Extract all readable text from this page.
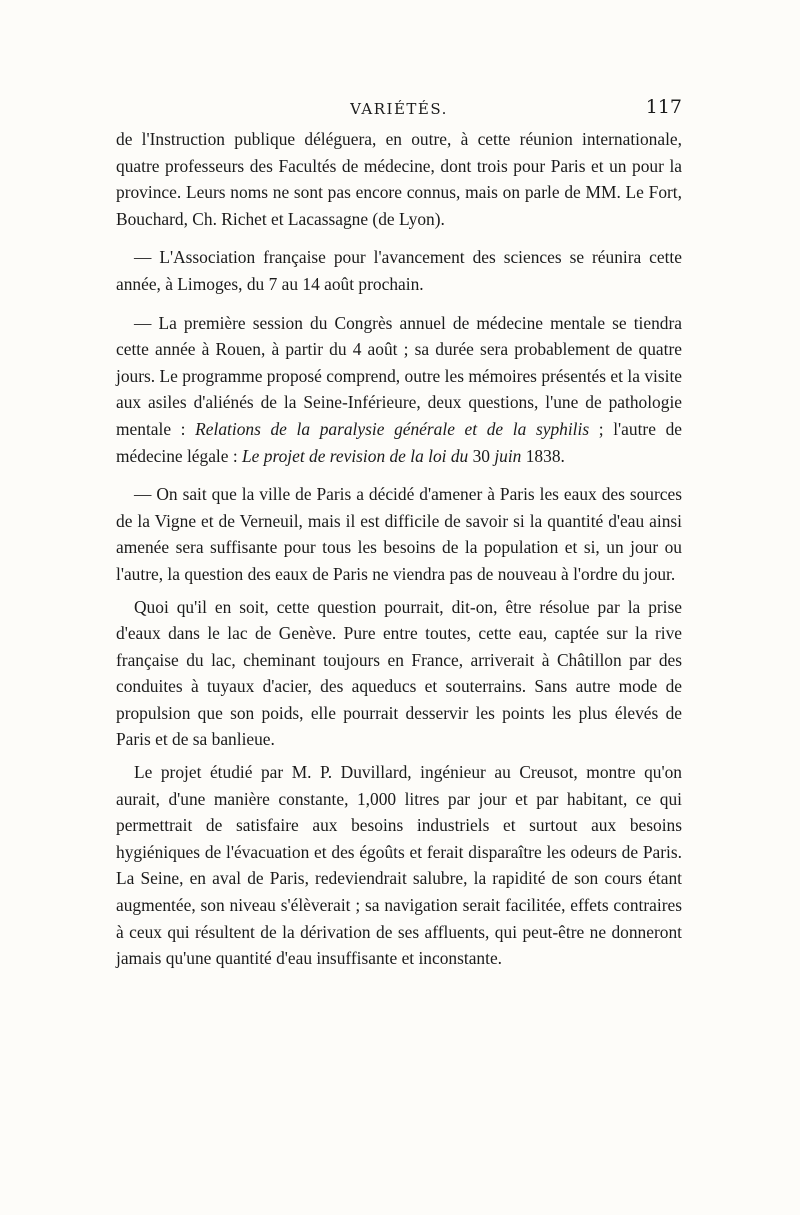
VARIÉTÉS.	117

de l'Instruction publique déléguera, en outre, à cette réunion internationale, quatre professeurs des Facultés de médecine, dont trois pour Paris et un pour la province. Leurs noms ne sont pas encore connus, mais on parle de MM. Le Fort, Bouchard, Ch. Richet et Lacassagne (de Lyon).

— L'Association française pour l'avancement des sciences se réunira cette année, à Limoges, du 7 au 14 août prochain.

— La première session du Congrès annuel de médecine mentale se tiendra cette année à Rouen, à partir du 4 août ; sa durée sera probablement de quatre jours. Le programme proposé comprend, outre les mémoires présentés et la visite aux asiles d'aliénés de la Seine-Inférieure, deux questions, l'une de pathologie mentale : Relations de la paralysie générale et de la syphilis ; l'autre de médecine légale : Le projet de revision de la loi du 30 juin 1838.

— On sait que la ville de Paris a décidé d'amener à Paris les eaux des sources de la Vigne et de Verneuil, mais il est difficile de savoir si la quantité d'eau ainsi amenée sera suffisante pour tous les besoins de la population et si, un jour ou l'autre, la question des eaux de Paris ne viendra pas de nouveau à l'ordre du jour.

Quoi qu'il en soit, cette question pourrait, dit-on, être résolue par la prise d'eaux dans le lac de Genève. Pure entre toutes, cette eau, captée sur la rive française du lac, cheminant toujours en France, arriverait à Châtillon par des conduites à tuyaux d'acier, des aqueducs et souterrains. Sans autre mode de propulsion que son poids, elle pourrait desservir les points les plus élevés de Paris et de sa banlieue.

Le projet étudié par M. P. Duvillard, ingénieur au Creusot, montre qu'on aurait, d'une manière constante, 1,000 litres par jour et par habitant, ce qui permettrait de satisfaire aux besoins industriels et surtout aux besoins hygiéniques de l'évacuation et des égoûts et ferait disparaître les odeurs de Paris. La Seine, en aval de Paris, redeviendrait salubre, la rapidité de son cours étant augmentée, son niveau s'élèverait ; sa navigation serait facilitée, effets contraires à ceux qui résultent de la dérivation de ses affluents, qui peut-être ne donneront jamais qu'une quantité d'eau insuffisante et inconstante.
